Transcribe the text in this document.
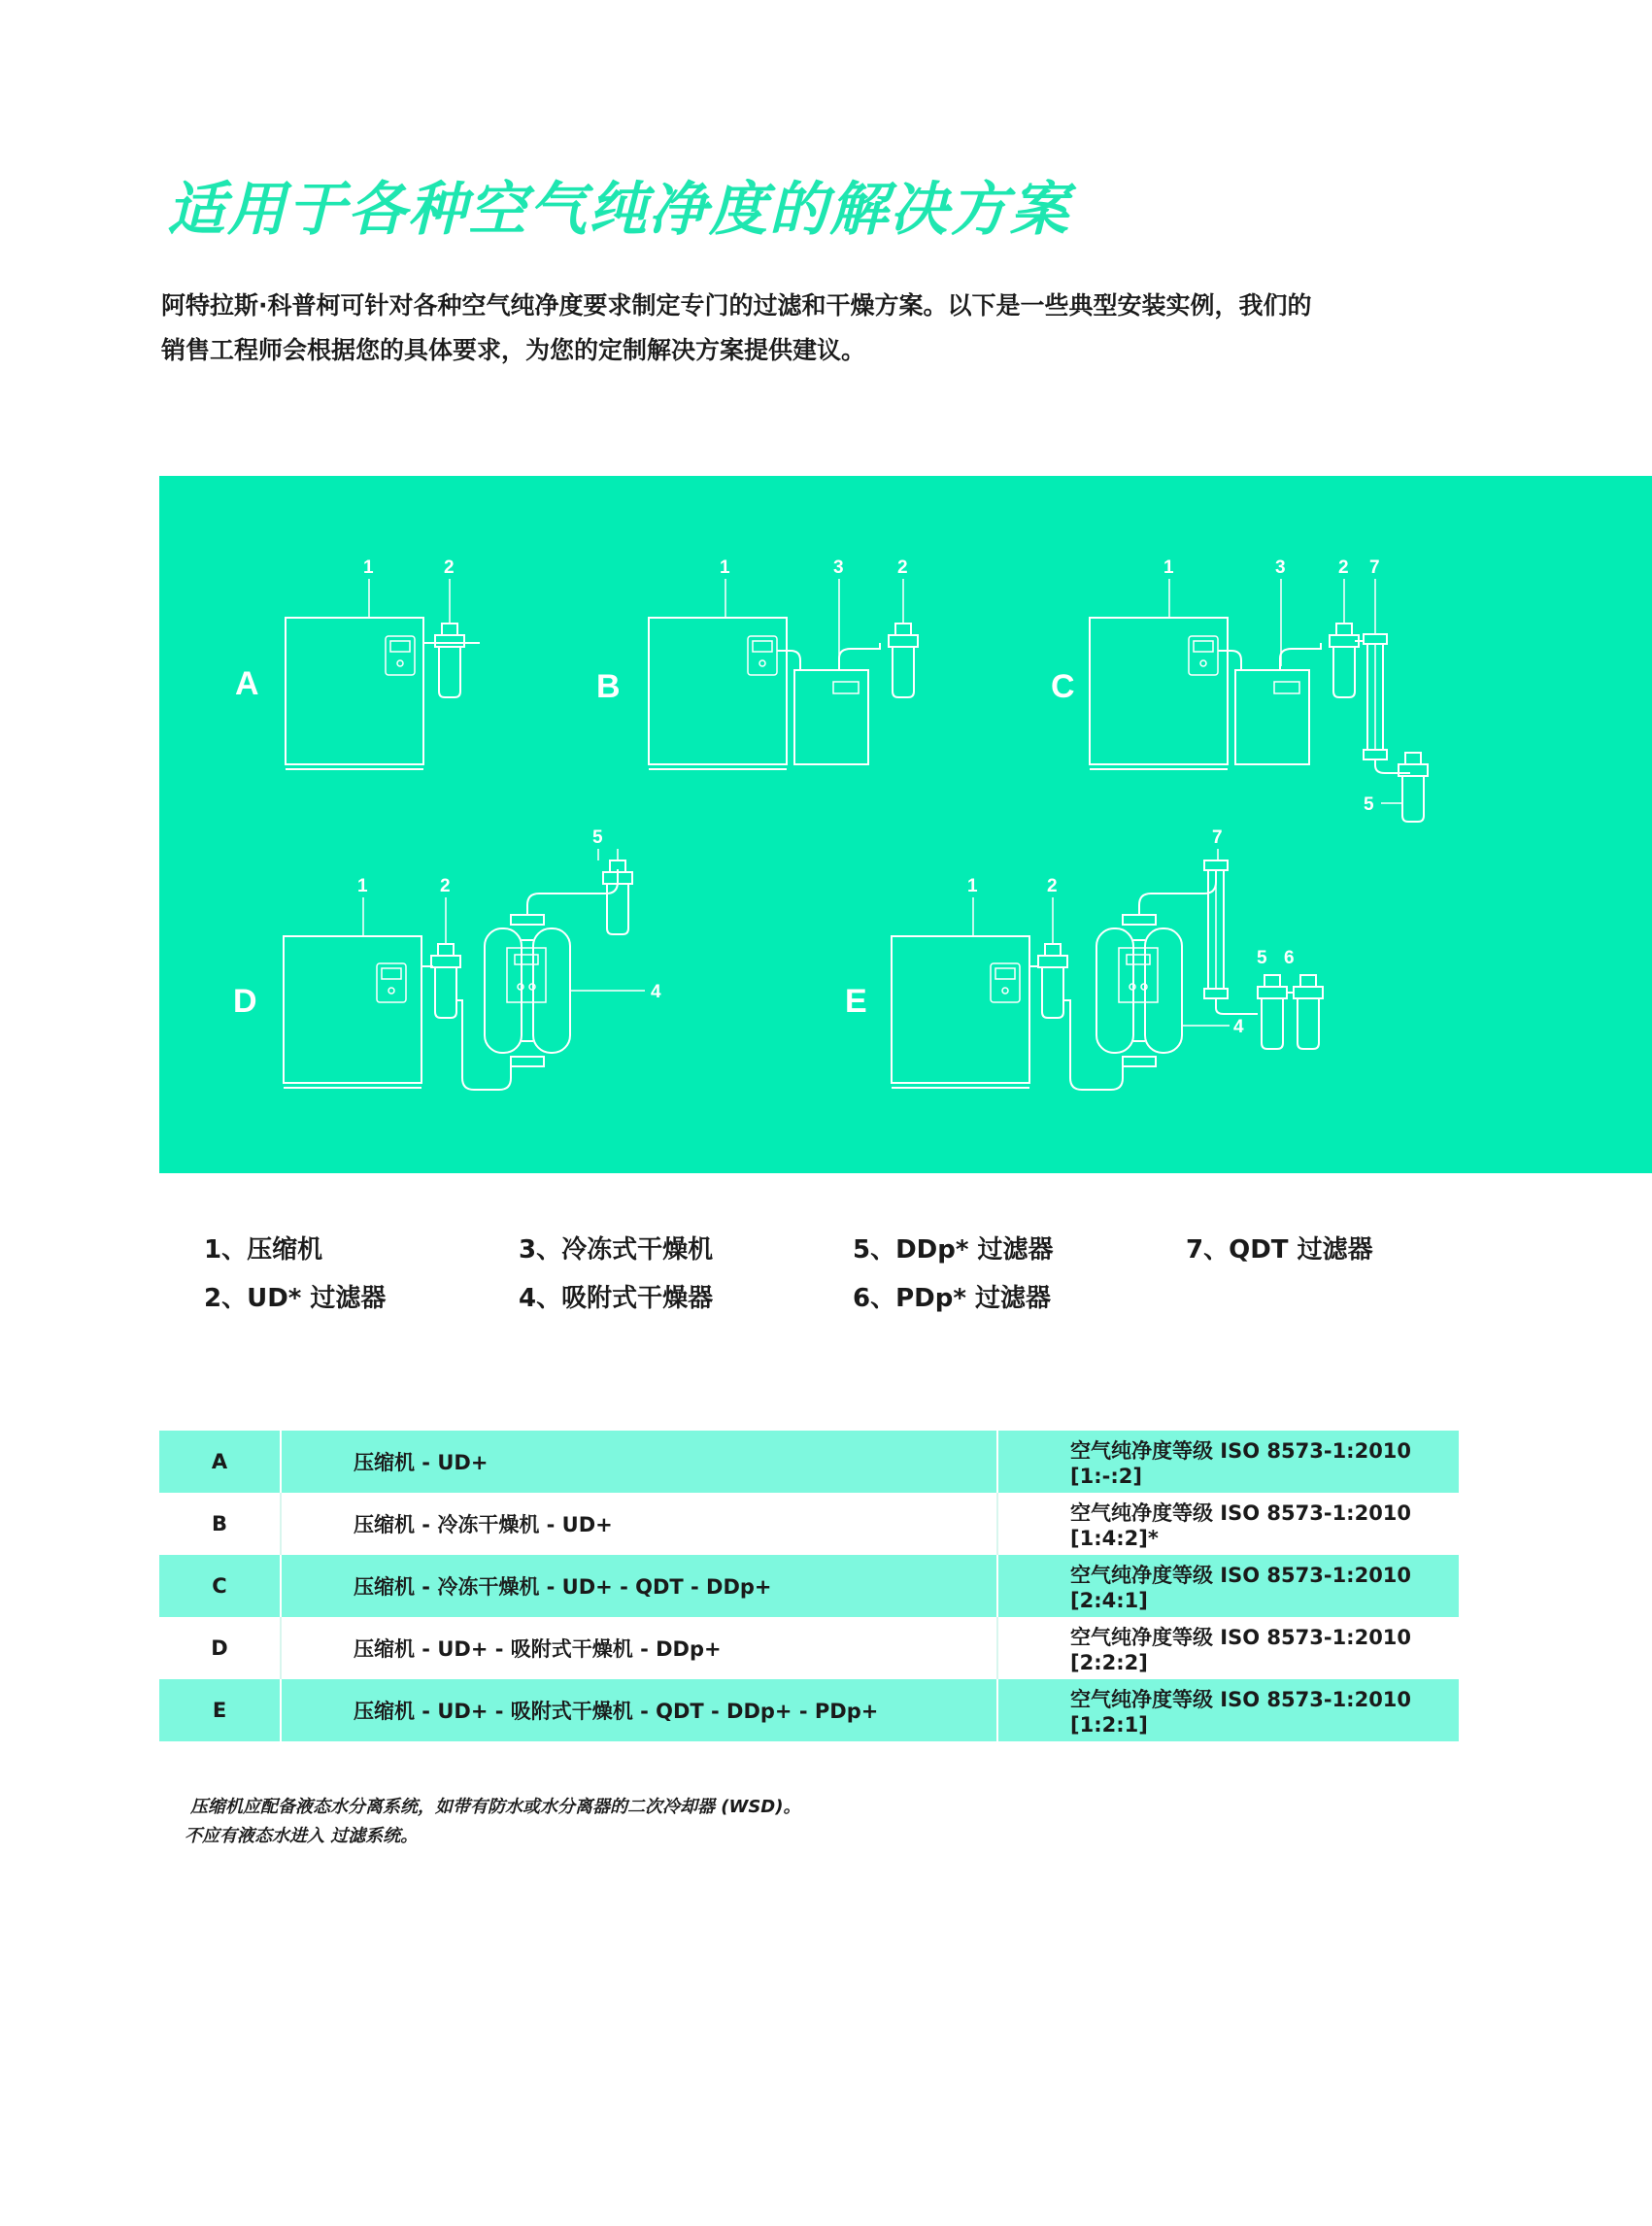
适用于各种空气纯净度的解决方案
阿特拉斯·科普柯可针对各种空气纯净度要求制定专门的过滤和干燥方案。以下是一些典型安装实例，我们的
销售工程师会根据您的具体要求，为您的定制解决方案提供建议。
A
1	2
B
1	3	2
C
1	3	2 7
5
D
1	2
5
4	E
1	2
7
5 6
4
1、压缩机
2、UD* 过滤器
3、冷冻式干燥机
4、吸附式干燥器
5、DDp* 过滤器
6、PDp* 过滤器
7、QDT 过滤器
A	压缩机 - UD+	空气纯净度等级 ISO 8573-1:2010 [1:-:2]
B	压缩机 - 冷冻干燥机 - UD+	空气纯净度等级 ISO 8573-1:2010 [1:4:2]*
C	压缩机 - 冷冻干燥机 - UD+ - QDT - DDp+	空气纯净度等级 ISO 8573-1:2010 [2:4:1]
D	压缩机 - UD+ - 吸附式干燥机 - DDp+	空气纯净度等级 ISO 8573-1:2010 [2:2:2]
E	压缩机 - UD+ - 吸附式干燥机 - QDT - DDp+ - PDp+	空气纯净度等级 ISO 8573-1:2010 [1:2:1]
压缩机应配备液态水分离系统，如带有防水或水分离器的二次冷却器 (WSD)。
不应有液态水进入 过滤系统。
